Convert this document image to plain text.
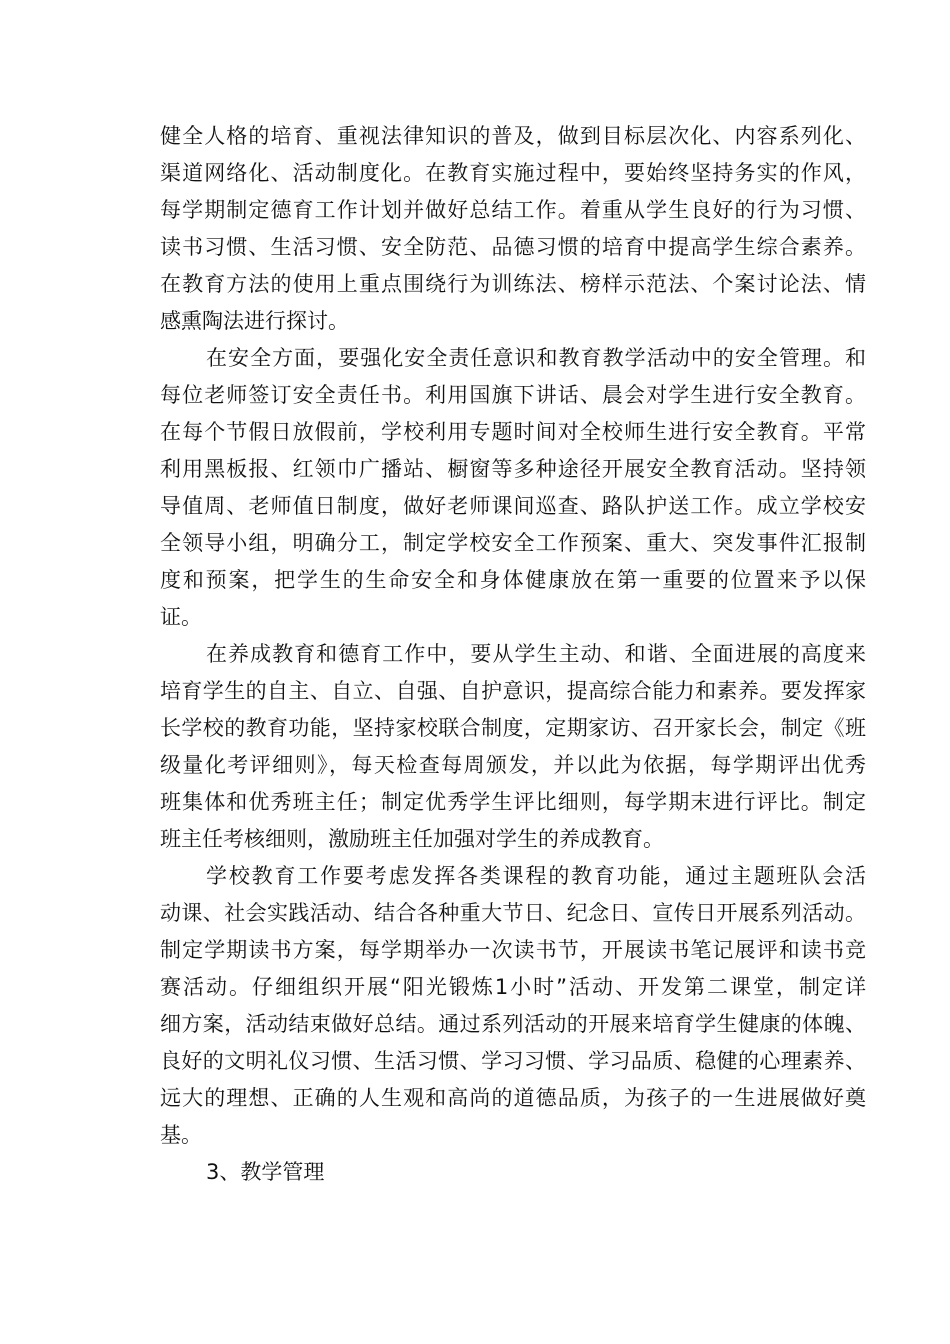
健全人格的培育、重视法律知识的普及，做到目标层次化、内容系列化、
渠道网络化、活动制度化。在教育实施过程中，要始终坚持务实的作风，
每学期制定德育工作计划并做好总结工作。着重从学生良好的行为习惯、
读书习惯、生活习惯、安全防范、品德习惯的培育中提高学生综合素养。
在教育方法的使用上重点围绕行为训练法、榜样示范法、个案讨论法、情
感熏陶法进行探讨。
在安全方面，要强化安全责任意识和教育教学活动中的安全管理。和
每位老师签订安全责任书。利用国旗下讲话、晨会对学生进行安全教育。
在每个节假日放假前，学校利用专题时间对全校师生进行安全教育。平常
利用黑板报、红领巾广播站、橱窗等多种途径开展安全教育活动。坚持领
导值周、老师值日制度，做好老师课间巡查、路队护送工作。成立学校安
全领导小组，明确分工，制定学校安全工作预案、重大、突发事件汇报制
度和预案，把学生的生命安全和身体健康放在第一重要的位置来予以保
证。
在养成教育和德育工作中，要从学生主动、和谐、全面进展的高度来
培育学生的自主、自立、自强、自护意识，提高综合能力和素养。要发挥家
长学校的教育功能，坚持家校联合制度，定期家访、召开家长会，制定《班
级量化考评细则》，每天检查每周颁发，并以此为依据，每学期评出优秀
班集体和优秀班主任；制定优秀学生评比细则，每学期末进行评比。制定
班主任考核细则，激励班主任加强对学生的养成教育。
学校教育工作要考虑发挥各类课程的教育功能，通过主题班队会活
动课、社会实践活动、结合各种重大节日、纪念日、宣传日开展系列活动。
制定学期读书方案，每学期举办一次读书节，开展读书笔记展评和读书竞
赛活动。仔细组织开展“阳光锻炼1小时”活动、开发第二课堂，制定详
细方案，活动结束做好总结。通过系列活动的开展来培育学生健康的体魄、
良好的文明礼仪习惯、生活习惯、学习习惯、学习品质、稳健的心理素养、
远大的理想、正确的人生观和高尚的道德品质，为孩子的一生进展做好奠
基。
3、教学管理
